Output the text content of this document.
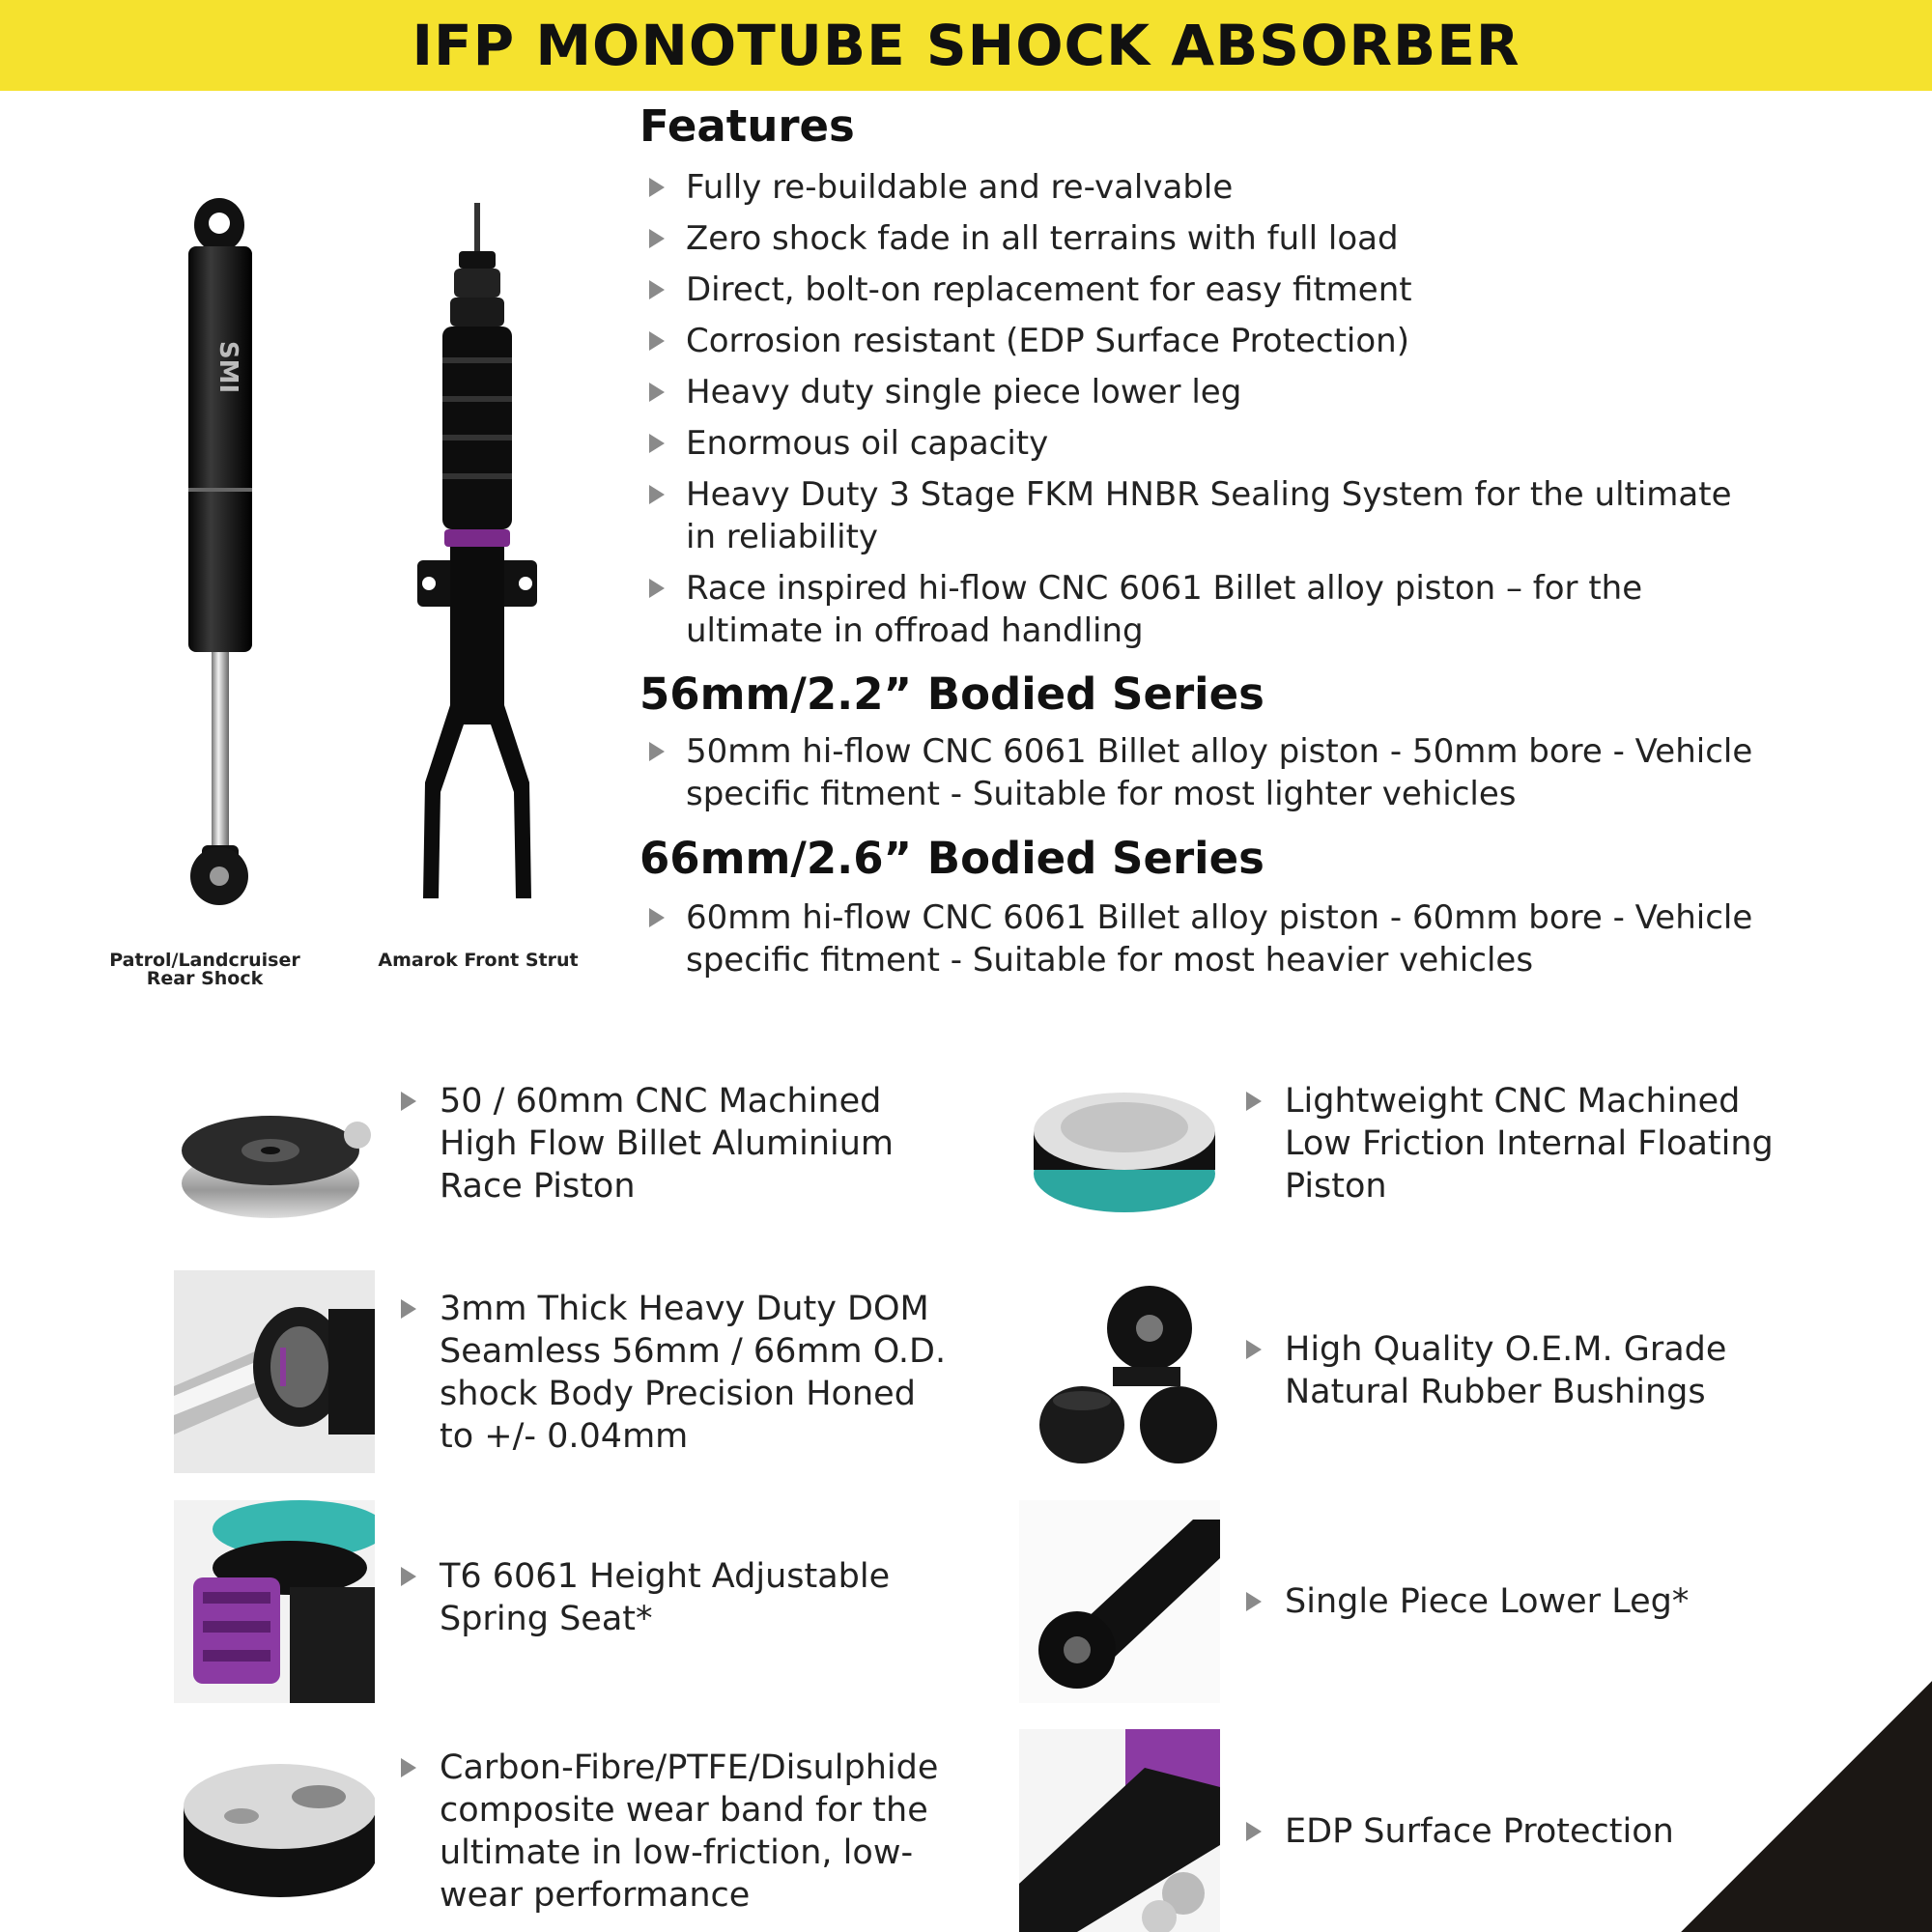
IFP MONOTUBE SHOCK ABSORBER
SMI
Patrol/Landcruiser Rear Shock
Amarok Front Strut
Features
Fully re-buildable and re-valvable
Zero shock fade in all terrains with full load
Direct, bolt-on replacement for easy fitment
Corrosion resistant (EDP Surface Protection)
Heavy duty single piece lower leg
Enormous oil capacity
Heavy Duty 3 Stage FKM HNBR Sealing System for the ultimate in reliability
Race inspired hi-flow CNC 6061 Billet alloy piston – for the ultimate in offroad handling
56mm/2.2” Bodied Series
50mm hi-flow CNC 6061 Billet alloy piston - 50mm bore - Vehicle specific fitment - Suitable for most lighter vehicles
66mm/2.6” Bodied Series
60mm hi-flow CNC 6061 Billet alloy piston - 60mm bore - Vehicle specific fitment - Suitable for most heavier vehicles
50 / 60mm CNC Machined High Flow Billet Aluminium Race Piston
3mm Thick Heavy Duty DOM Seamless 56mm / 66mm O.D. shock Body Precision Honed to +/- 0.04mm
T6 6061 Height Adjustable Spring Seat*
Carbon-Fibre/PTFE/Disulphide composite wear band for the ultimate in low-friction, low-wear performance
Lightweight CNC Machined Low Friction Internal Floating Piston
High Quality O.E.M. Grade Natural Rubber Bushings
Single Piece Lower Leg*
EDP Surface Protection
